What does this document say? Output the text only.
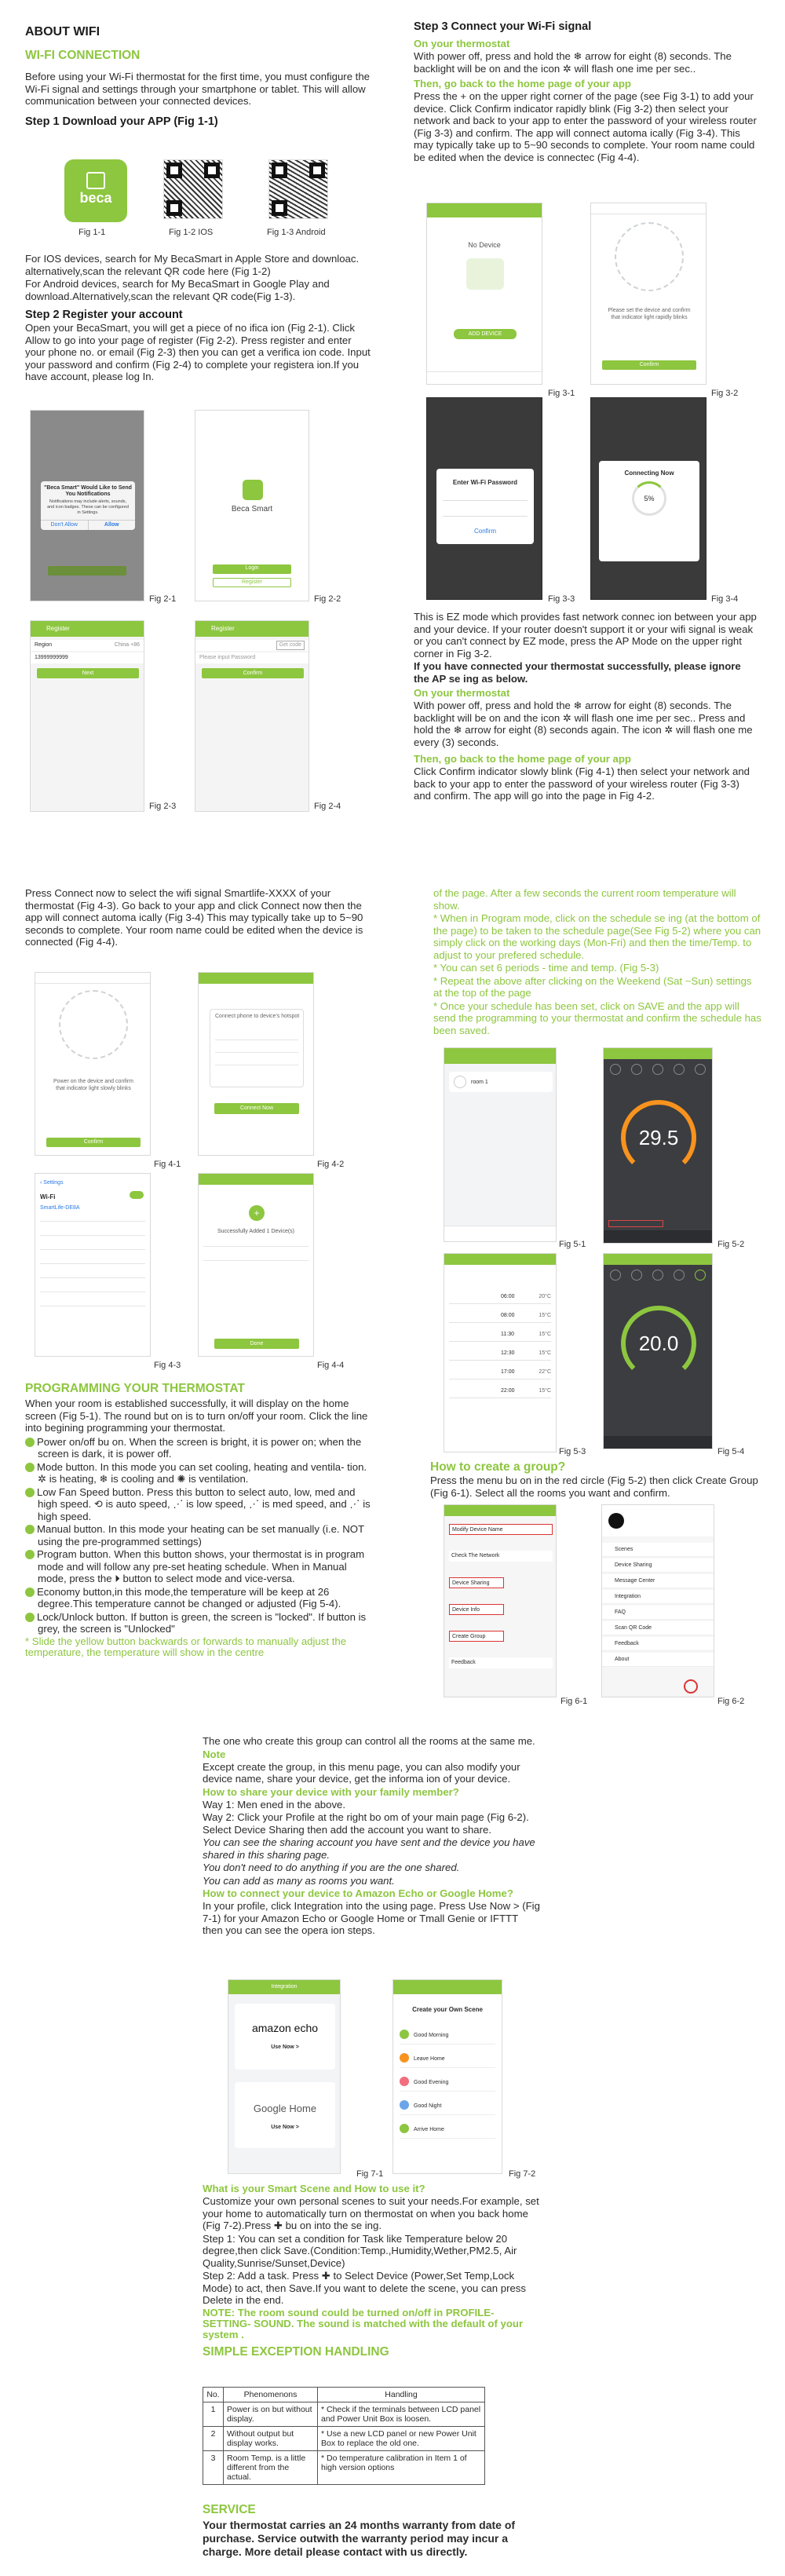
ABOUT WIFI
WI-FI CONNECTION

Before using your Wi-Fi thermostat for the first time, you must configure the Wi-Fi signal and settings through your smartphone or tablet. This will allow communication between your connected devices.

Step 1 Download your APP (Fig 1-1)
beca
Fig 1-1	Fig 1-2 IOS	Fig 1-3 Android

For IOS devices, search for My BecaSmart in Apple Store and downloac. alternatively,scan the relevant QR code here (Fig 1-2)

For Android devices, search for My BecaSmart in Google Play and download.Alternatively,scan the relevant QR code(Fig 1-3).

Step 2 Register your account

Open your BecaSmart, you will get a piece of no ifica ion (Fig 2-1). Click Allow to go into your page of register (Fig 2-2). Press register and enter your phone no. or email (Fig 2-3) then you can get a verifica ion code. Input your password and confirm (Fig 2-4) to complete your registera ion.If you have account, please log In.

"Beca Smart" Would Like to Send You Notifications
Notifications may include alerts, sounds, and icon badges. These can be configured in Settings.
Don't Allow	Allow
Fig 2-1
Beca Smart
Login
Register
Fig 2-2
Register
Region	China +86
13999999999
Next
Fig 2-3
Register
Get code
Please input Password
Confirm
Fig 2-4
Step 3 Connect your Wi-Fi signal
On your thermostat

With power off, press and hold the ❄ arrow for eight (8) seconds. The backlight will be on and the icon ✲ will flash one ime per sec..

Then, go back to the home page of your app

Press the + on the upper right corner of the page (see Fig 3-1) to add your device. Click Confirm indicator rapidly blink (Fig 3-2) then select your network and back to your app to enter the password of your wireless router (Fig 3-3) and confirm. The app will connect automa ically (Fig 3-4). This may typically take up to 5~90 seconds to complete. Your room name could be edited when the device is connectec (Fig 4-4).

No Device
ADD DEVICE
Fig 3-1
Please set the device and confirm that indicator light rapidly blinks
Confirm
Fig 3-2
Enter Wi-Fi Password
Confirm
Fig 3-3
Connecting Now
5%
Fig 3-4

This is EZ mode which provides fast network connec ion between your app and your device. If your router doesn't support it or your wifi signal is weak or you can't connect by EZ mode, press the AP Mode on the upper right corner in Fig 3-2.

If you have connected your thermostat successfully, please ignore the AP se ing as below.

On your thermostat

With power off, press and hold the ❄ arrow for eight (8) seconds. The backlight will be on and the icon ✲ will flash one ime per sec.. Press and hold the ❄ arrow for eight (8) seconds again. The icon ✲ will flash one me every (3) seconds.

Then, go back to the home page of your app

Click Confirm indicator slowly blink (Fig 4-1) then select your network and back to your app to enter the password of your wireless router (Fig 3-3) and confirm. The app will go into the page in Fig 4-2.

Press Connect now to select the wifi signal Smartlife-XXXX of your thermostat (Fig 4-3). Go back to your app and click Connect now then the app will connect automa ically (Fig 3-4) This may typically take up to 5~90 seconds to complete. Your room name could be edited when the device is connected (Fig 4-4).

Power on the device and confirm that indicator light slowly blinks
Confirm
Fig 4-1
Connect phone to device's hotspot
Connect Now
Fig 4-2
‹ Settings
Wi-Fi
SmartLife-DE8A
Fig 4-3
+
Successfully Added 1 Device(s)
Done
Fig 4-4
PROGRAMMING YOUR THERMOSTAT

When your room is established successfully, it will display on the home screen (Fig 5-1). The round but on is to turn on/off your room. Click the line into begining programming your thermostat.

Power on/off bu on. When the screen is bright, it is power on; when the screen is dark, it is power off.
Mode button. In this mode you can set cooling, heating and ventila- tion. ✲ is heating, ❄ is cooling and ✺ is ventilation.
Low Fan Speed button. Press this button to select auto, low, med and high speed. ⟲ is auto speed, ⋰ is low speed, ⋰ is med speed, and ⋰ is high speed.
Manual button. In this mode your heating can be set manually (i.e. NOT using the pre-programmed settings)
Program button. When this button shows, your thermostat is in program mode and will follow any pre-set heating schedule. When in Manual mode, press the ⏵ button to select mode and vice-versa.
Economy button,in this mode,the temperature will be keep at 26 degree.This temperature cannot be changed or adjusted (Fig 5-4).
Lock/Unlock button. If button is green, the screen is "locked". If button is grey, the screen is "Unlocked"

* Slide the yellow button backwards or forwards to manually adjust the temperature, the temperature will show in the centre

of the page. After a few seconds the current room temperature will show.

* When in Program mode, click on the schedule se ing (at the bottom of the page) to be taken to the schedule page(See Fig 5-2) where you can simply click on the working days (Mon-Fri) and then the time/Temp. to adjust to your prefered schedule.

* You can set 6 periods - time and temp. (Fig 5-3)

* Repeat the above after clicking on the Weekend (Sat ~Sun) settings at the top of the page

* Once your schedule has been set, click on SAVE and the app will send the programming to your thermostat and confirm the schedule has been saved.

room 1
Fig 5-1
29.5
Fig 5-2
06:00	20°C
08:00	15°C
11:30	15°C
12:30	15°C
17:00	22°C
22:00	15°C
Fig 5-3
20.0
Fig 5-4
How to create a group?

Press the menu bu on in the red circle (Fig 5-2) then click Create Group (Fig 6-1). Select all the rooms you want and confirm.

Modify Device Name
Check The Network
Device Sharing
Device Info
Create Group
Feedback
Fig 6-1
Scenes
Device Sharing
Message Center
Integration
FAQ
Scan QR Code
Feedback
About
Fig 6-2

The one who create this group can control all the rooms at the same me.

Note

Except create the group, in this menu page, you can also modify your device name, share your device, get the informa ion of your device.

How to share your device with your family member?

Way 1: Men ened in the above.

Way 2: Click your Profile at the right bo om of your main page (Fig 6-2). Select Device Sharing then add the account you want to share.

You can see the sharing account you have sent and the device you have shared in this sharing page.

You don't need to do anything if you are the one shared.

You can add as many as rooms you want.

How to connect your device to Amazon Echo or Google Home?

In your profile, click Integration into the using page. Press Use Now > (Fig 7-1) for your Amazon Echo or Google Home or Tmall Genie or IFTTT then you can see the opera ion steps.

Integration
amazon echo
Use Now >
Google Home
Use Now >
Fig 7-1
Create your Own Scene
Good Morning
Leave Home
Good Evening
Good Night
Arrive Home
Fig 7-2
What is your Smart Scene and How to use it?

Customize your own personal scenes to suit your needs.For example, set your home to automatically turn on thermostat on when you back home (Fig 7-2).Press ✚ bu on into the se ing.

Step 1: You can set a condition for Task like Temperature below 20 degree,then click Save.(Condition:Temp.,Humidity,Wether,PM2.5, Air Quality,Sunrise/Sunset,Device)

Step 2: Add a task. Press ✚ to Select Device (Power,Set Temp,Lock Mode) to act, then Save.If you want to delete the scene, you can press Delete in the end.

NOTE: The room sound could be turned on/off in PROFILE-SETTING- SOUND. The sound is matched with the default of your system .

SIMPLE EXCEPTION HANDLING
No.	Phenomenons	Handling
1	Power is on but without display.	* Check if the terminals between LCD panel and Power Unit Box is loosen.
2	Without output but display works.	* Use a new LCD panel or new Power Unit Box to replace the old one.
3	Room Temp. is a little different from the actual.	* Do temperature calibration in Item 1 of high version options
SERVICE

Your thermostat carries an 24 months warranty from date of purchase. Service outwith the warranty period may incur a charge. More detail please contact with us directly.
